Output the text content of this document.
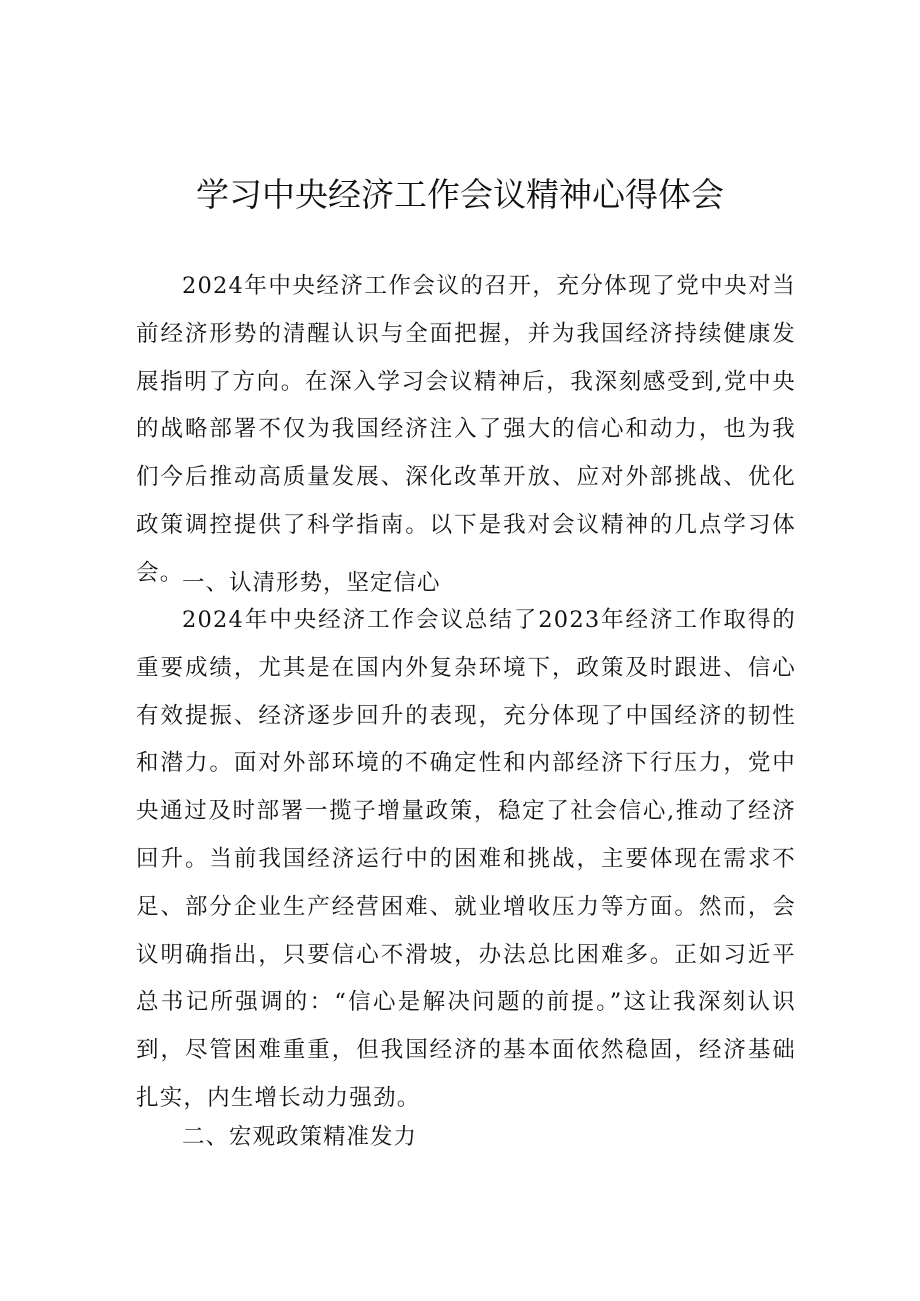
学习中央经济工作会议精神心得体会

2024年中央经济工作会议的召开，充分体现了党中央对当前经济形势的清醒认识与全面把握，并为我国经济持续健康发展指明了方向。在深入学习会议精神后，我深刻感受到,党中央的战略部署不仅为我国经济注入了强大的信心和动力，也为我们今后推动高质量发展、深化改革开放、应对外部挑战、优化政策调控提供了科学指南。以下是我对会议精神的几点学习体会。

一、认清形势，坚定信心

2024年中央经济工作会议总结了2023年经济工作取得的重要成绩，尤其是在国内外复杂环境下，政策及时跟进、信心有效提振、经济逐步回升的表现，充分体现了中国经济的韧性和潜力。面对外部环境的不确定性和内部经济下行压力，党中央通过及时部署一揽子增量政策，稳定了社会信心,推动了经济回升。当前我国经济运行中的困难和挑战，主要体现在需求不足、部分企业生产经营困难、就业增收压力等方面。然而，会议明确指出，只要信心不滑坡，办法总比困难多。正如习近平总书记所强调的：“信心是解决问题的前提。”这让我深刻认识到，尽管困难重重，但我国经济的基本面依然稳固，经济基础扎实，内生增长动力强劲。

二、宏观政策精准发力
